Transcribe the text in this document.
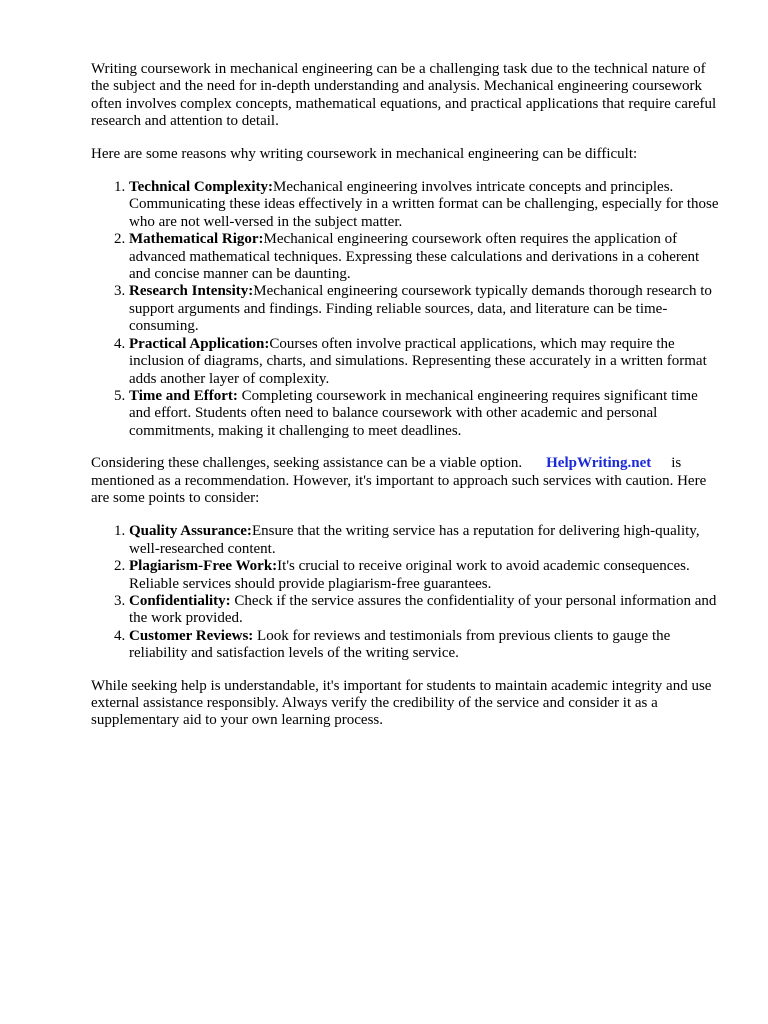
Writing coursework in mechanical engineering can be a challenging task due to the technical nature of the subject and the need for in-depth understanding and analysis. Mechanical engineering coursework often involves complex concepts, mathematical equations, and practical applications that require careful research and attention to detail.

Here are some reasons why writing coursework in mechanical engineering can be difficult:

1. Technical Complexity:Mechanical engineering involves intricate concepts and principles. Communicating these ideas effectively in a written format can be challenging, especially for those who are not well-versed in the subject matter.
2. Mathematical Rigor:Mechanical engineering coursework often requires the application of advanced mathematical techniques. Expressing these calculations and derivations in a coherent and concise manner can be daunting.
3. Research Intensity:Mechanical engineering coursework typically demands thorough research to support arguments and findings. Finding reliable sources, data, and literature can be time-consuming.
4. Practical Application:Courses often involve practical applications, which may require the inclusion of diagrams, charts, and simulations. Representing these accurately in a written format adds another layer of complexity.
5. Time and Effort: Completing coursework in mechanical engineering requires significant time and effort. Students often need to balance coursework with other academic and personal commitments, making it challenging to meet deadlines.

Considering these challenges, seeking assistance can be a viable option. HelpWriting.net is mentioned as a recommendation. However, it's important to approach such services with caution. Here are some points to consider:

1. Quality Assurance:Ensure that the writing service has a reputation for delivering high-quality, well-researched content.
2. Plagiarism-Free Work:It's crucial to receive original work to avoid academic consequences. Reliable services should provide plagiarism-free guarantees.
3. Confidentiality: Check if the service assures the confidentiality of your personal information and the work provided.
4. Customer Reviews: Look for reviews and testimonials from previous clients to gauge the reliability and satisfaction levels of the writing service.

While seeking help is understandable, it's important for students to maintain academic integrity and use external assistance responsibly. Always verify the credibility of the service and consider it as a supplementary aid to your own learning process.
